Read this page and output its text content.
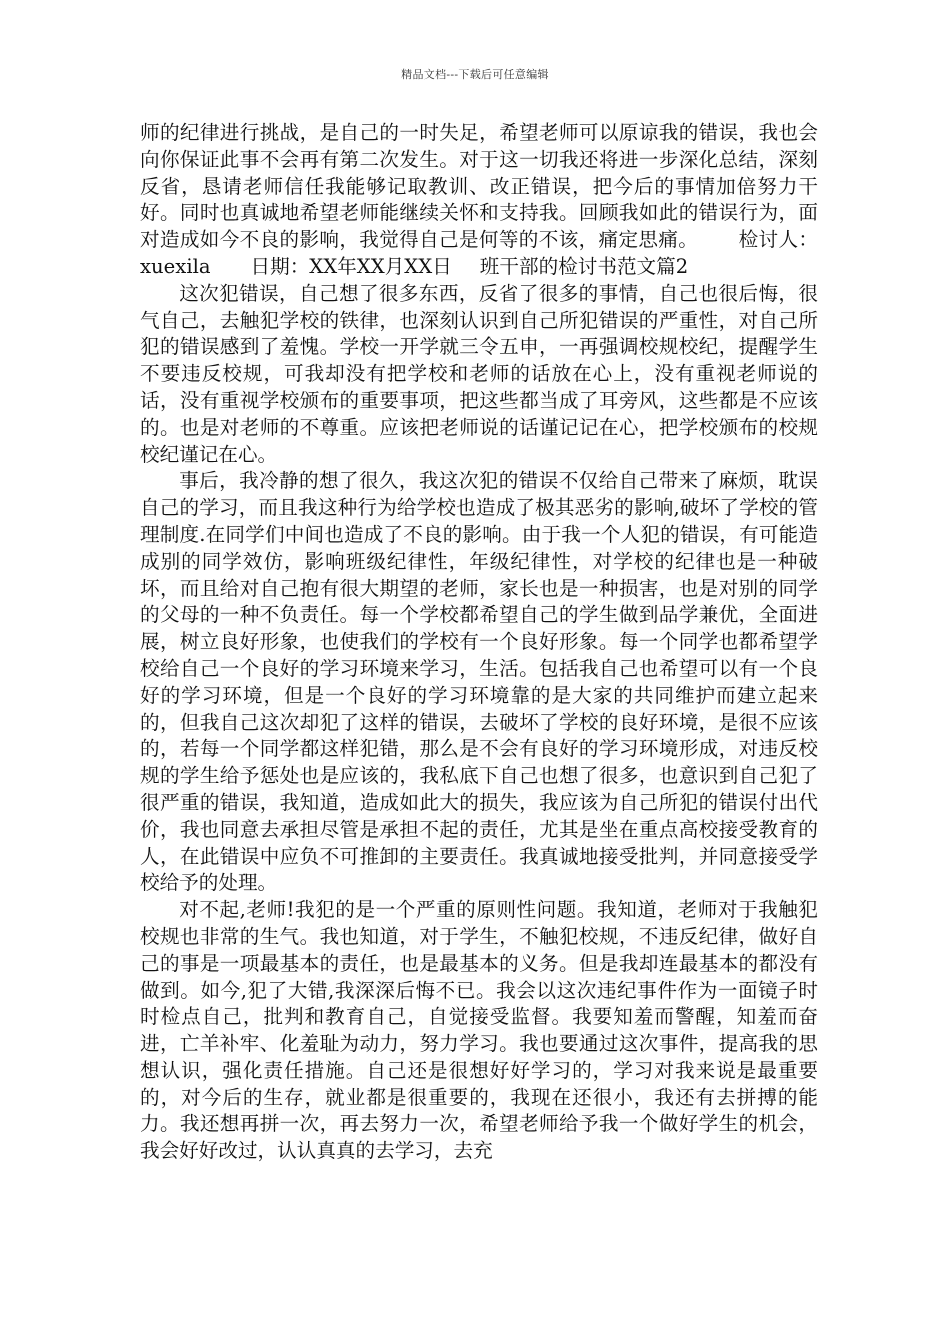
精品文档---下载后可任意编辑

师的纪律进行挑战，是自己的一时失足，希望老师可以原谅我的错误，我也会向你保证此事不会再有第二次发生。对于这一切我还将进一步深化总结，深刻反省，恳请老师信任我能够记取教训、改正错误，把今后的事情加倍努力干好。同时也真诚地希望老师能继续关怀和支持我。回顾我如此的错误行为，面对造成如今不良的影响，我觉得自己是何等的不该，痛定思痛。 检讨人：xuexila 日期：XX年XX月XX日 班干部的检讨书范文篇2

这次犯错误，自己想了很多东西，反省了很多的事情，自己也很后悔，很气自己，去触犯学校的铁律，也深刻认识到自己所犯错误的严重性，对自己所犯的错误感到了羞愧。学校一开学就三令五申，一再强调校规校纪，提醒学生不要违反校规，可我却没有把学校和老师的话放在心上，没有重视老师说的话，没有重视学校颁布的重要事项，把这些都当成了耳旁风，这些都是不应该的。也是对老师的不尊重。应该把老师说的话谨记记在心，把学校颁布的校规校纪谨记在心。

事后，我冷静的想了很久，我这次犯的错误不仅给自己带来了麻烦，耽误自己的学习，而且我这种行为给学校也造成了极其恶劣的影响,破坏了学校的管理制度.在同学们中间也造成了不良的影响。由于我一个人犯的错误，有可能造成别的同学效仿，影响班级纪律性，年级纪律性，对学校的纪律也是一种破坏，而且给对自己抱有很大期望的老师，家长也是一种损害，也是对别的同学的父母的一种不负责任。每一个学校都希望自己的学生做到品学兼优，全面进展，树立良好形象，也使我们的学校有一个良好形象。每一个同学也都希望学校给自己一个良好的学习环境来学习，生活。包括我自己也希望可以有一个良好的学习环境，但是一个良好的学习环境靠的是大家的共同维护而建立起来的，但我自己这次却犯了这样的错误，去破坏了学校的良好环境，是很不应该的，若每一个同学都这样犯错，那么是不会有良好的学习环境形成，对违反校规的学生给予惩处也是应该的，我私底下自己也想了很多，也意识到自己犯了很严重的错误，我知道，造成如此大的损失，我应该为自己所犯的错误付出代价，我也同意去承担尽管是承担不起的责任，尤其是坐在重点高校接受教育的人，在此错误中应负不可推卸的主要责任。我真诚地接受批判，并同意接受学校给予的处理。

对不起,老师!我犯的是一个严重的原则性问题。我知道，老师对于我触犯校规也非常的生气。我也知道，对于学生，不触犯校规，不违反纪律，做好自己的事是一项最基本的责任，也是最基本的义务。但是我却连最基本的都没有做到。如今,犯了大错,我深深后悔不已。我会以这次违纪事件作为一面镜子时时检点自己，批判和教育自己，自觉接受监督。我要知羞而警醒，知羞而奋进，亡羊补牢、化羞耻为动力，努力学习。我也要通过这次事件，提高我的思想认识，强化责任措施。自己还是很想好好学习的，学习对我来说是最重要的，对今后的生存，就业都是很重要的，我现在还很小，我还有去拼搏的能力。我还想再拼一次，再去努力一次，希望老师给予我一个做好学生的机会，我会好好改过，认认真真的去学习，去充
